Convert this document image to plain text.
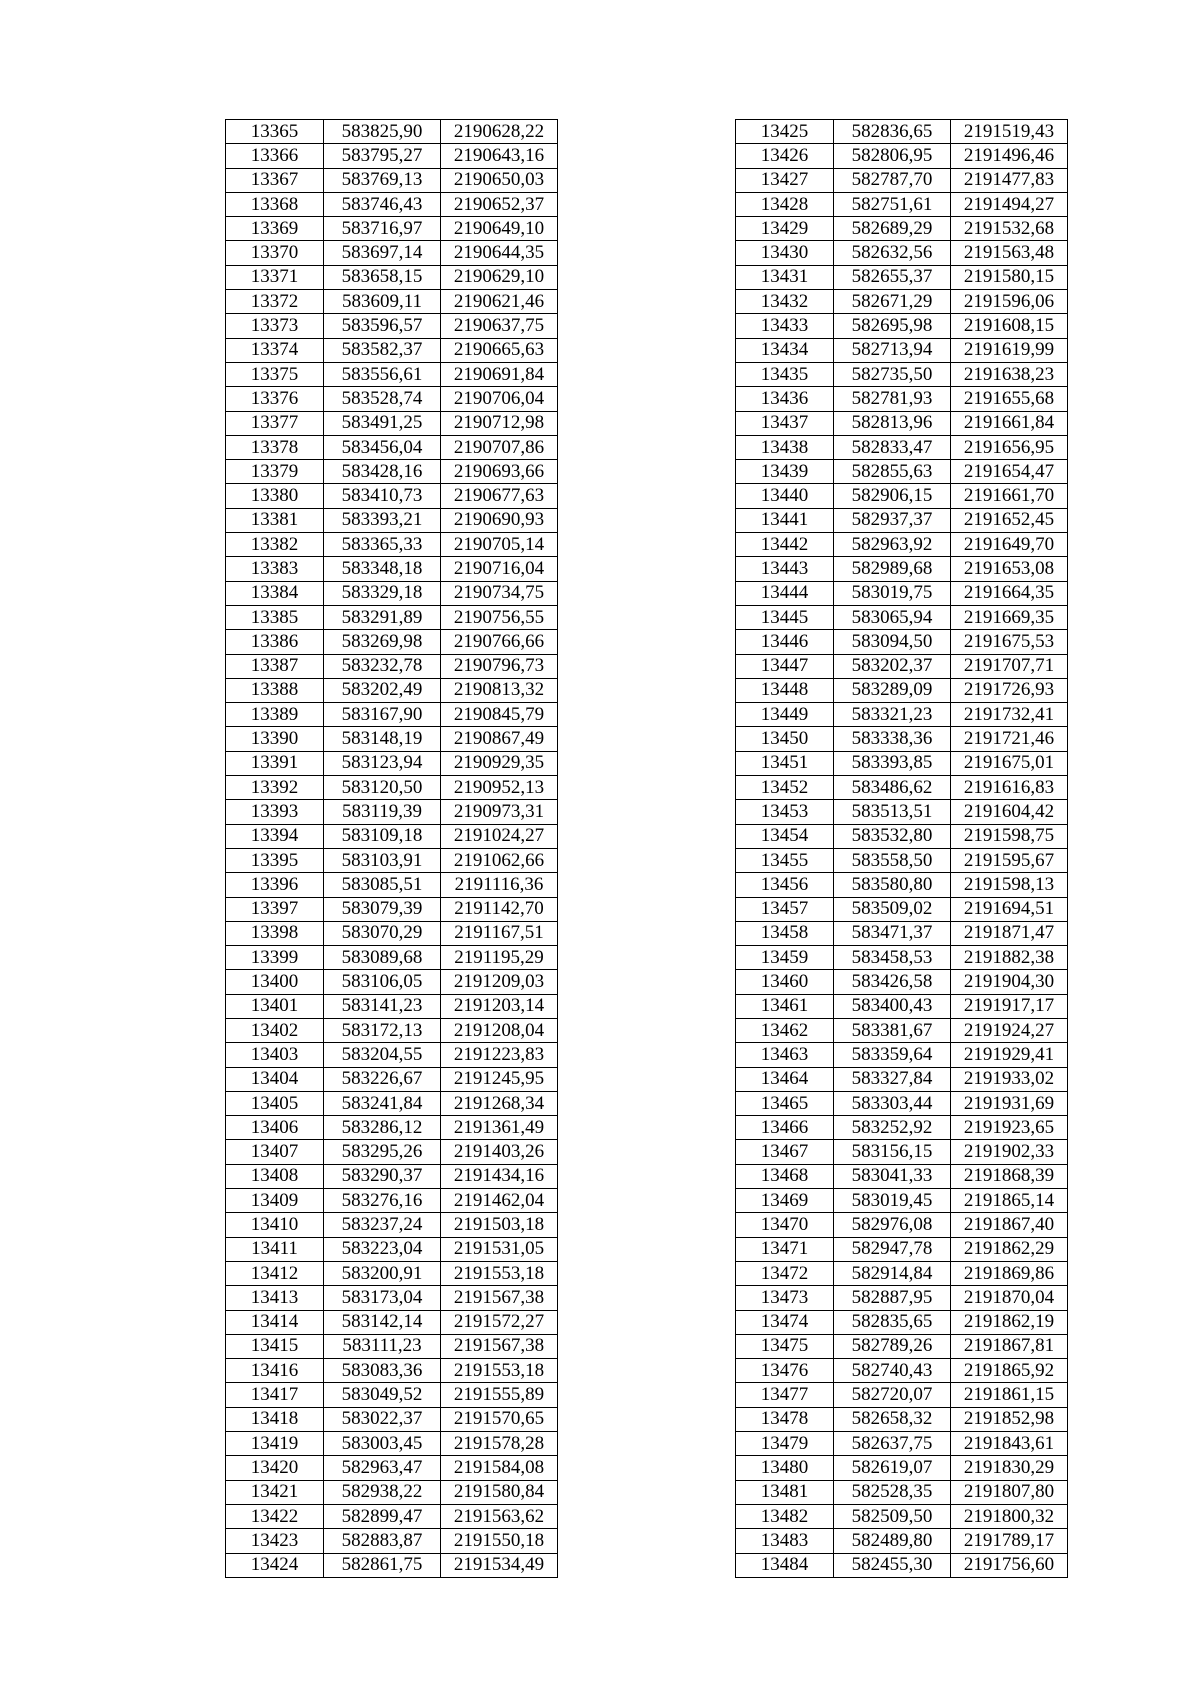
13365	583825,90	2190628,22
13366	583795,27	2190643,16
13367	583769,13	2190650,03
13368	583746,43	2190652,37
13369	583716,97	2190649,10
13370	583697,14	2190644,35
13371	583658,15	2190629,10
13372	583609,11	2190621,46
13373	583596,57	2190637,75
13374	583582,37	2190665,63
13375	583556,61	2190691,84
13376	583528,74	2190706,04
13377	583491,25	2190712,98
13378	583456,04	2190707,86
13379	583428,16	2190693,66
13380	583410,73	2190677,63
13381	583393,21	2190690,93
13382	583365,33	2190705,14
13383	583348,18	2190716,04
13384	583329,18	2190734,75
13385	583291,89	2190756,55
13386	583269,98	2190766,66
13387	583232,78	2190796,73
13388	583202,49	2190813,32
13389	583167,90	2190845,79
13390	583148,19	2190867,49
13391	583123,94	2190929,35
13392	583120,50	2190952,13
13393	583119,39	2190973,31
13394	583109,18	2191024,27
13395	583103,91	2191062,66
13396	583085,51	2191116,36
13397	583079,39	2191142,70
13398	583070,29	2191167,51
13399	583089,68	2191195,29
13400	583106,05	2191209,03
13401	583141,23	2191203,14
13402	583172,13	2191208,04
13403	583204,55	2191223,83
13404	583226,67	2191245,95
13405	583241,84	2191268,34
13406	583286,12	2191361,49
13407	583295,26	2191403,26
13408	583290,37	2191434,16
13409	583276,16	2191462,04
13410	583237,24	2191503,18
13411	583223,04	2191531,05
13412	583200,91	2191553,18
13413	583173,04	2191567,38
13414	583142,14	2191572,27
13415	583111,23	2191567,38
13416	583083,36	2191553,18
13417	583049,52	2191555,89
13418	583022,37	2191570,65
13419	583003,45	2191578,28
13420	582963,47	2191584,08
13421	582938,22	2191580,84
13422	582899,47	2191563,62
13423	582883,87	2191550,18
13424	582861,75	2191534,49
13425	582836,65	2191519,43
13426	582806,95	2191496,46
13427	582787,70	2191477,83
13428	582751,61	2191494,27
13429	582689,29	2191532,68
13430	582632,56	2191563,48
13431	582655,37	2191580,15
13432	582671,29	2191596,06
13433	582695,98	2191608,15
13434	582713,94	2191619,99
13435	582735,50	2191638,23
13436	582781,93	2191655,68
13437	582813,96	2191661,84
13438	582833,47	2191656,95
13439	582855,63	2191654,47
13440	582906,15	2191661,70
13441	582937,37	2191652,45
13442	582963,92	2191649,70
13443	582989,68	2191653,08
13444	583019,75	2191664,35
13445	583065,94	2191669,35
13446	583094,50	2191675,53
13447	583202,37	2191707,71
13448	583289,09	2191726,93
13449	583321,23	2191732,41
13450	583338,36	2191721,46
13451	583393,85	2191675,01
13452	583486,62	2191616,83
13453	583513,51	2191604,42
13454	583532,80	2191598,75
13455	583558,50	2191595,67
13456	583580,80	2191598,13
13457	583509,02	2191694,51
13458	583471,37	2191871,47
13459	583458,53	2191882,38
13460	583426,58	2191904,30
13461	583400,43	2191917,17
13462	583381,67	2191924,27
13463	583359,64	2191929,41
13464	583327,84	2191933,02
13465	583303,44	2191931,69
13466	583252,92	2191923,65
13467	583156,15	2191902,33
13468	583041,33	2191868,39
13469	583019,45	2191865,14
13470	582976,08	2191867,40
13471	582947,78	2191862,29
13472	582914,84	2191869,86
13473	582887,95	2191870,04
13474	582835,65	2191862,19
13475	582789,26	2191867,81
13476	582740,43	2191865,92
13477	582720,07	2191861,15
13478	582658,32	2191852,98
13479	582637,75	2191843,61
13480	582619,07	2191830,29
13481	582528,35	2191807,80
13482	582509,50	2191800,32
13483	582489,80	2191789,17
13484	582455,30	2191756,60
